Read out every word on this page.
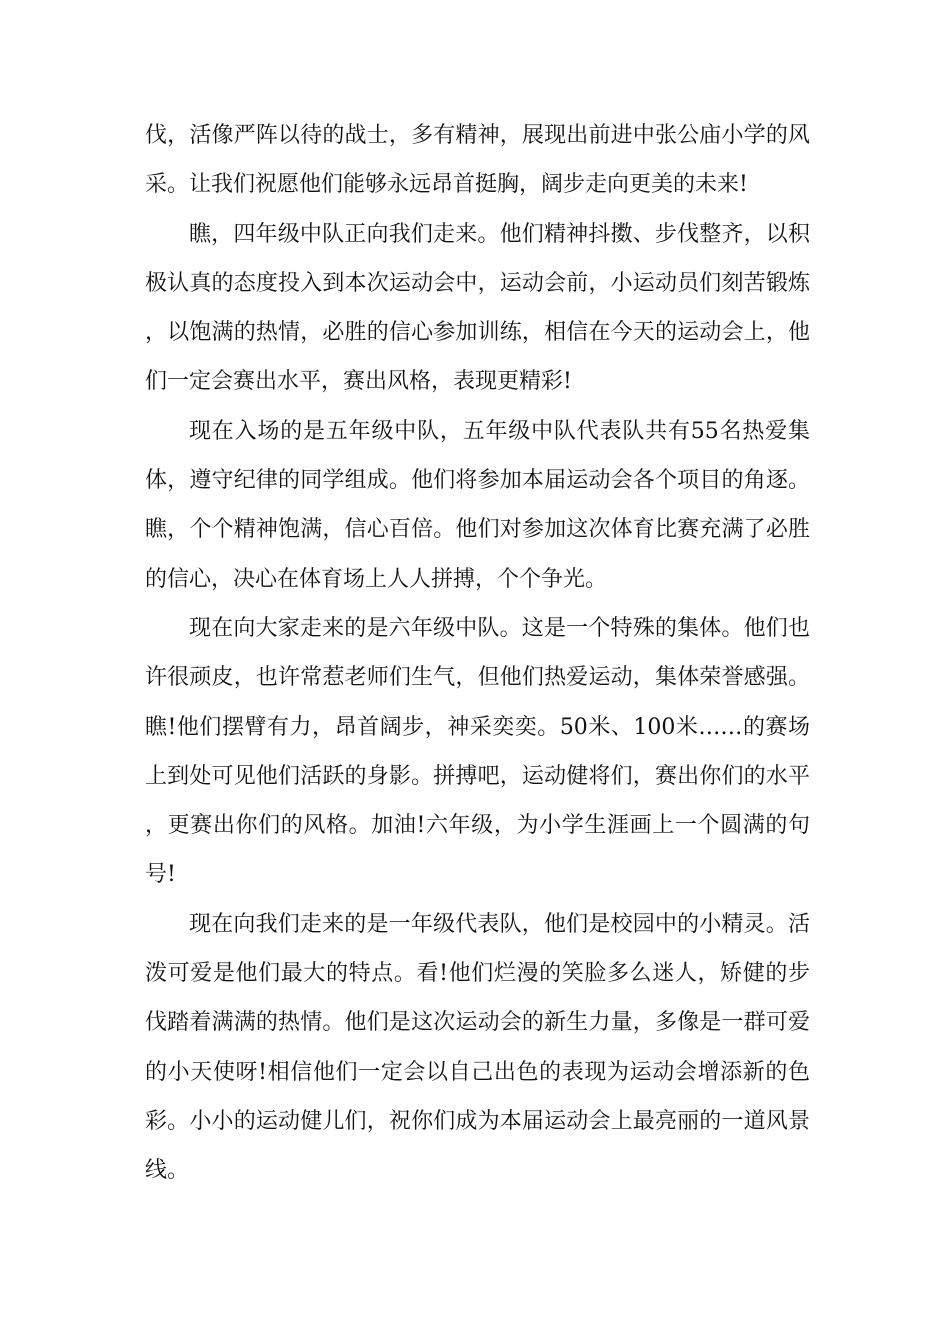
伐，活像严阵以待的战士，多有精神，展现出前进中张公庙小学的风采。让我们祝愿他们能够永远昂首挺胸，阔步走向更美的未来!

瞧，四年级中队正向我们走来。他们精神抖擞、步伐整齐，以积极认真的态度投入到本次运动会中，运动会前，小运动员们刻苦锻炼，以饱满的热情，必胜的信心参加训练，相信在今天的运动会上，他们一定会赛出水平，赛出风格，表现更精彩!

现在入场的是五年级中队，五年级中队代表队共有55名热爱集体，遵守纪律的同学组成。他们将参加本届运动会各个项目的角逐。瞧，个个精神饱满，信心百倍。他们对参加这次体育比赛充满了必胜的信心，决心在体育场上人人拼搏，个个争光。

现在向大家走来的是六年级中队。这是一个特殊的集体。他们也许很顽皮，也许常惹老师们生气，但他们热爱运动，集体荣誉感强。瞧!他们摆臂有力，昂首阔步，神采奕奕。50米、100米……的赛场上到处可见他们活跃的身影。拼搏吧，运动健将们，赛出你们的水平，更赛出你们的风格。加油!六年级，为小学生涯画上一个圆满的句号!

现在向我们走来的是一年级代表队，他们是校园中的小精灵。活泼可爱是他们最大的特点。看!他们烂漫的笑脸多么迷人，矫健的步伐踏着满满的热情。他们是这次运动会的新生力量，多像是一群可爱的小天使呀!相信他们一定会以自己出色的表现为运动会增添新的色彩。小小的运动健儿们，祝你们成为本届运动会上最亮丽的一道风景线。
